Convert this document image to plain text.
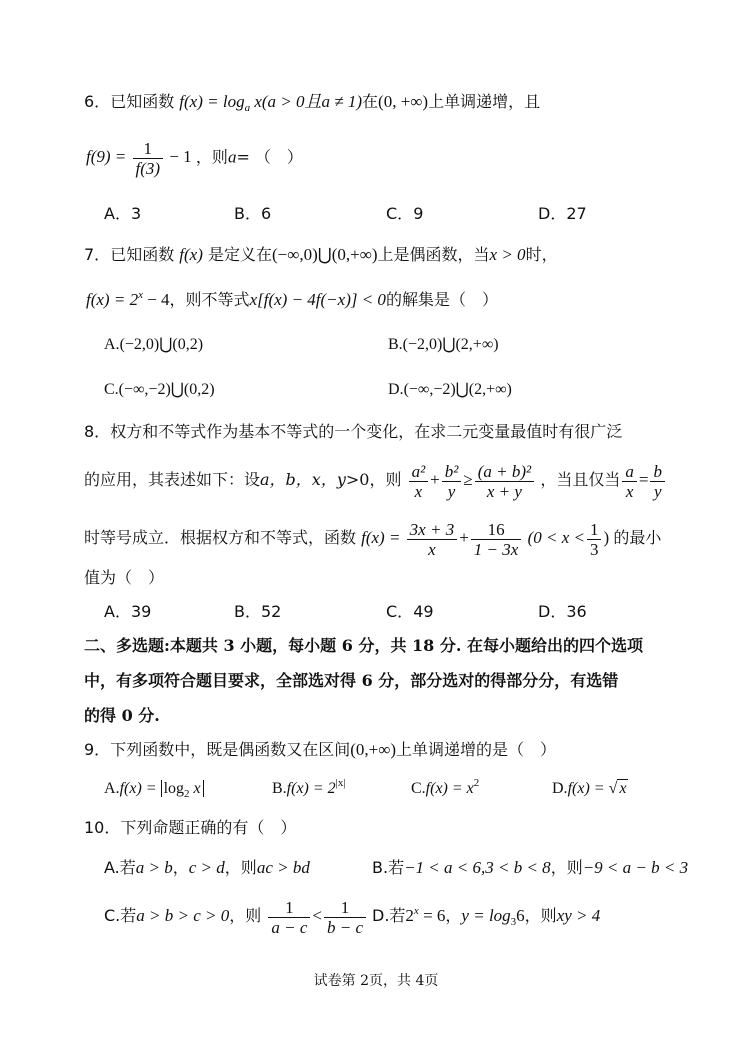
6．已知函数 $f(x) = \log_a x(a > 0$且a ≠ 1)在(0, +∞)上单调递增，且
$f(9) = \frac{1}{f(3)} - 1$ ，则a= （　）
A．3	B．6	C．9	D．27
7．已知函数 f(x) 是定义在(−∞,0)⋃(0,+∞)上是偶函数，当x > 0时，
$f(x) = 2^x - 4$，则不等式x[f(x) − 4f(−x)] < 0的解集是（　）
A.(−2,0)⋃(0,2)	B.(−2,0)⋃(2,+∞)
C.(−∞,−2)⋃(0,2)	D.(−∞,−2)⋃(2,+∞)
8．权方和不等式作为基本不等式的一个变化，在求二元变量最值时有很广泛
的应用，其表述如下：设a，b，x，y>0，则 $\frac{\text{a²}}{x} + \frac{\text{b²}}{y} \ge \frac{\text{(a + b)²}}{x + y}$ ，当且仅当 $\frac{a}{x} = \frac{b}{y}$
时等号成立．根据权方和不等式，函数 $f(x) = \frac{3x + 3}{x} + \frac{16}{1 - 3x} (0 < x < \frac{1}{3}$ ) 的最小
值为（　）
A．39	B．52	C．49	D．36
二、多选题:本题共 3 小题，每小题 6 分，共 18 分. 在每小题给出的四个选项
中，有多项符合题目要求，全部选对得 6 分，部分选对的得部分分，有选错
的得 0 分.
9．下列函数中，既是偶函数又在区间(0,+∞)上单调递增的是（　）
$A.f(x) = \log_2 x$	$B.f(x) = 2^{|x|}$	$C.f(x) = x^2$	D.f(x) = √ x
10．下列命题正确的有（　）
A.若a > b，c > d，则ac > bd	B.若−1 < a < 6,3 < b < 8，则−9 < a − b < 3
C.若a > b > c > 0，则 $\frac{1}{a - c} < \frac{1}{b - c} D$.若$2^x = 6$，$y = \log_36$，则xy > 4
试卷第 2页，共 4页
